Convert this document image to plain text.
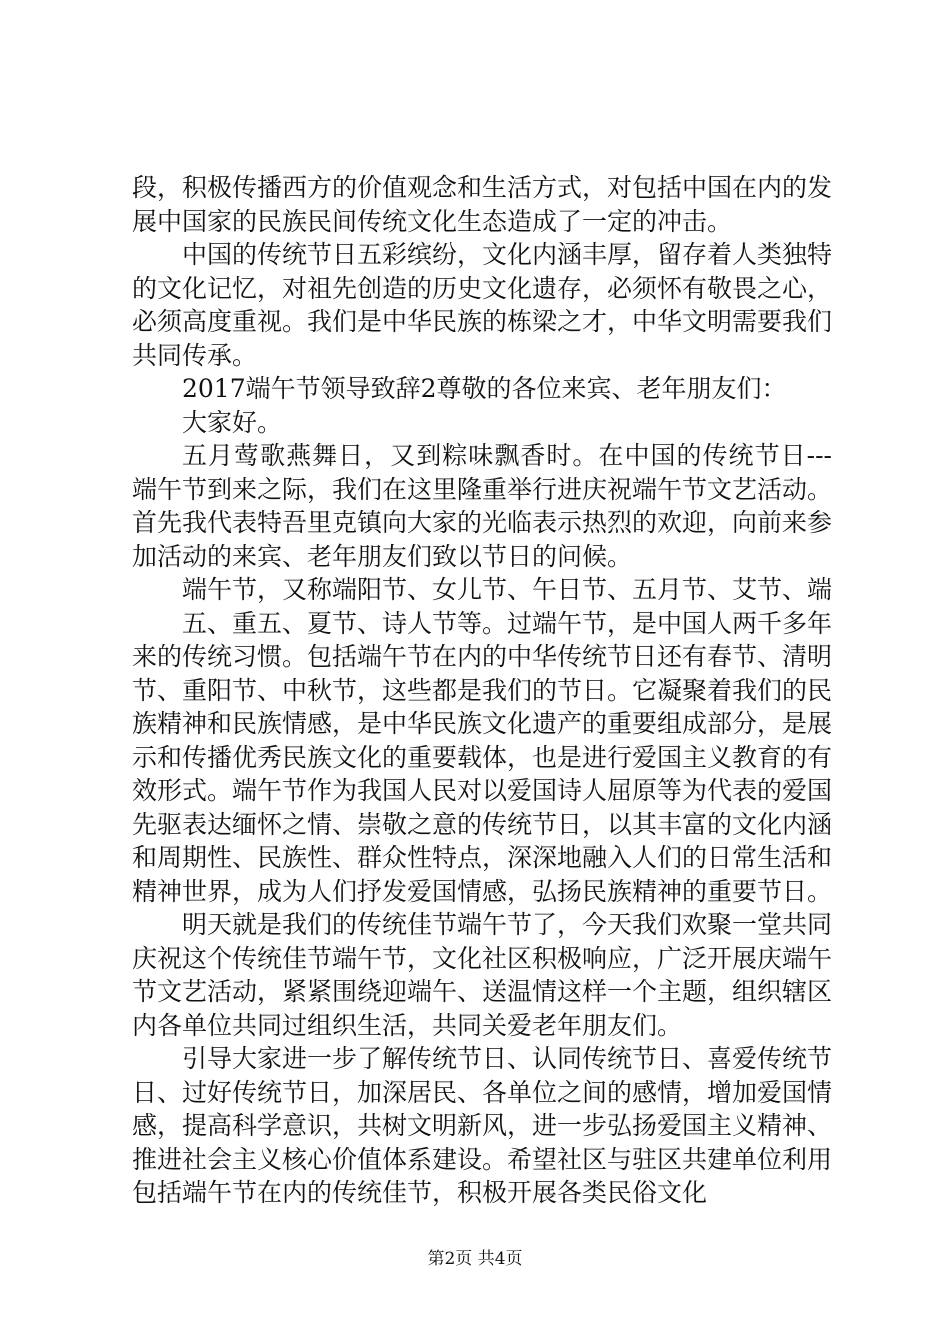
段，积极传播西方的价值观念和生活方式，对包括中国在内的发展中国家的民族民间传统文化生态造成了一定的冲击。

中国的传统节日五彩缤纷，文化内涵丰厚，留存着人类独特的文化记忆，对祖先创造的历史文化遗存，必须怀有敬畏之心，必须高度重视。我们是中华民族的栋梁之才，中华文明需要我们共同传承。

2017端午节领导致辞2尊敬的各位来宾、老年朋友们：

大家好。

五月莺歌燕舞日，又到粽味飘香时。在中国的传统节日---端午节到来之际，我们在这里隆重举行进庆祝端午节文艺活动。首先我代表特吾里克镇向大家的光临表示热烈的欢迎，向前来参加活动的来宾、老年朋友们致以节日的问候。

端午节，又称端阳节、女儿节、午日节、五月节、艾节、端

五、重五、夏节、诗人节等。过端午节，是中国人两千多年来的传统习惯。包括端午节在内的中华传统节日还有春节、清明节、重阳节、中秋节，这些都是我们的节日。它凝聚着我们的民族精神和民族情感，是中华民族文化遗产的重要组成部分，是展示和传播优秀民族文化的重要载体，也是进行爱国主义教育的有效形式。端午节作为我国人民对以爱国诗人屈原等为代表的爱国先驱表达缅怀之情、崇敬之意的传统节日，以其丰富的文化内涵和周期性、民族性、群众性特点，深深地融入人们的日常生活和精神世界，成为人们抒发爱国情感，弘扬民族精神的重要节日。

明天就是我们的传统佳节端午节了，今天我们欢聚一堂共同庆祝这个传统佳节端午节，文化社区积极响应，广泛开展庆端午节文艺活动，紧紧围绕迎端午、送温情这样一个主题，组织辖区内各单位共同过组织生活，共同关爱老年朋友们。

引导大家进一步了解传统节日、认同传统节日、喜爱传统节日、过好传统节日，加深居民、各单位之间的感情，增加爱国情感，提高科学意识，共树文明新风，进一步弘扬爱国主义精神、推进社会主义核心价值体系建设。希望社区与驻区共建单位利用包括端午节在内的传统佳节，积极开展各类民俗文化

第2页 共4页
